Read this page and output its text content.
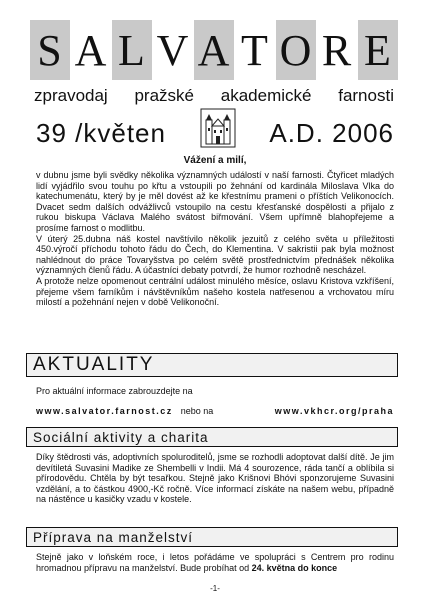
S A L V A T O R E
zpravodaj pražské akademické farnosti
39 /květen	A.D. 2006
Vážení a milí,

v dubnu jsme byli svědky několika významných událostí v naší farnosti. Čtyřicet mladých lidí vyjádřilo svou touhu po křtu a vstoupili po žehnání od kardinála Miloslava Vlka do katechumenátu, který by je měl dovést až ke křestnímu prameni o příštích Velikonocích. Dvacet sedm dalších odvážlivců vstoupilo na cestu křesťanské dospělosti a přijalo z rukou biskupa Václava Malého svátost biřmování. Všem upřímně blahopřejeme a prosíme farnost o modlitbu.

V úterý 25.dubna náš kostel navštívilo několik jezuitů z celého světa u příležitosti 450.výročí příchodu tohoto řádu do Čech, do Klementina. V sakristii pak byla možnost nahlédnout do práce Tovaryšstva po celém světě prostřednictvím přednášek několika významných členů řádu. A účastníci debaty potvrdí, že humor rozhodně nescházel.

A protože nelze opomenout centrální událost minulého měsíce, oslavu Kristova vzkříšení, přejeme všem farníkům i návštěvníkům našeho kostela natřesenou a vrchovatou míru milostí a požehnání nejen v době Velikonoční.

AKTUALITY
Pro aktuální informace zabrouzdejte na
www.salvator.farnost.cz nebo na	www.vkhcr.org/praha
Sociální aktivity a charita
Díky štědrosti vás, adoptivních spoluroditelů, jsme se rozhodli adoptovat další dítě. Je jim devítiletá Suvasini Madike ze Shembelli v Indii. Má 4 sourozence, ráda tančí a oblíbila si přírodovědu. Chtěla by být tesařkou. Stejně jako Krišnovi Bhóvi sponzorujeme Suvasini vzdělání, a to částkou 4900,-Kč ročně. Více informací získáte na našem webu, případně na nástěnce u kasičky vzadu v kostele.
Příprava na manželství
Stejně jako v loňském roce, i letos pořádáme ve spolupráci s Centrem pro rodinu hromadnou přípravu na manželství. Bude probíhat od 24. května do konce
-1-
